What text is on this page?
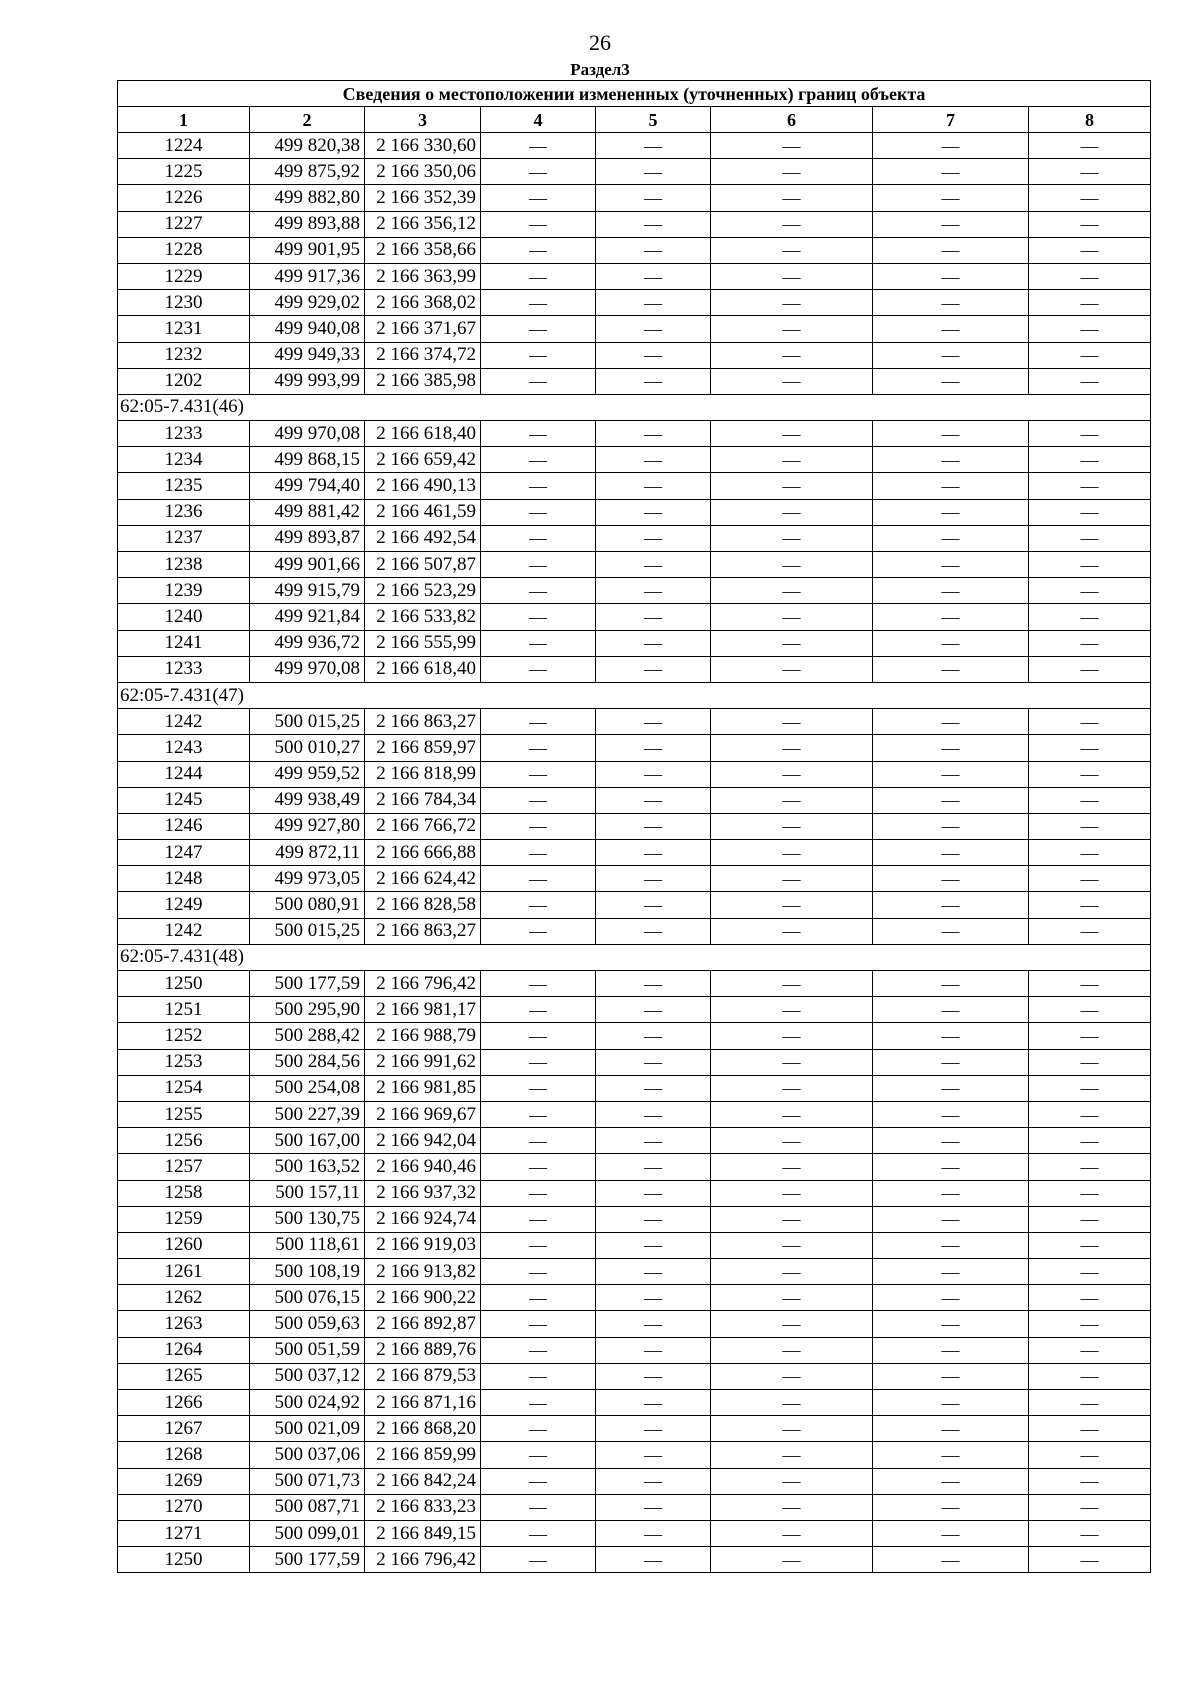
26
Раздел3
Сведения о местоположении измененных (уточненных) границ объекта							
1	2	3	4	5	6	7	8
1224	499 820,38	2 166 330,60	—	—	—	—	—
1225	499 875,92	2 166 350,06	—	—	—	—	—
1226	499 882,80	2 166 352,39	—	—	—	—	—
1227	499 893,88	2 166 356,12	—	—	—	—	—
1228	499 901,95	2 166 358,66	—	—	—	—	—
1229	499 917,36	2 166 363,99	—	—	—	—	—
1230	499 929,02	2 166 368,02	—	—	—	—	—
1231	499 940,08	2 166 371,67	—	—	—	—	—
1232	499 949,33	2 166 374,72	—	—	—	—	—
1202	499 993,99	2 166 385,98	—	—	—	—	—
62:05-7.431(46)							
1233	499 970,08	2 166 618,40	—	—	—	—	—
1234	499 868,15	2 166 659,42	—	—	—	—	—
1235	499 794,40	2 166 490,13	—	—	—	—	—
1236	499 881,42	2 166 461,59	—	—	—	—	—
1237	499 893,87	2 166 492,54	—	—	—	—	—
1238	499 901,66	2 166 507,87	—	—	—	—	—
1239	499 915,79	2 166 523,29	—	—	—	—	—
1240	499 921,84	2 166 533,82	—	—	—	—	—
1241	499 936,72	2 166 555,99	—	—	—	—	—
1233	499 970,08	2 166 618,40	—	—	—	—	—
62:05-7.431(47)							
1242	500 015,25	2 166 863,27	—	—	—	—	—
1243	500 010,27	2 166 859,97	—	—	—	—	—
1244	499 959,52	2 166 818,99	—	—	—	—	—
1245	499 938,49	2 166 784,34	—	—	—	—	—
1246	499 927,80	2 166 766,72	—	—	—	—	—
1247	499 872,11	2 166 666,88	—	—	—	—	—
1248	499 973,05	2 166 624,42	—	—	—	—	—
1249	500 080,91	2 166 828,58	—	—	—	—	—
1242	500 015,25	2 166 863,27	—	—	—	—	—
62:05-7.431(48)							
1250	500 177,59	2 166 796,42	—	—	—	—	—
1251	500 295,90	2 166 981,17	—	—	—	—	—
1252	500 288,42	2 166 988,79	—	—	—	—	—
1253	500 284,56	2 166 991,62	—	—	—	—	—
1254	500 254,08	2 166 981,85	—	—	—	—	—
1255	500 227,39	2 166 969,67	—	—	—	—	—
1256	500 167,00	2 166 942,04	—	—	—	—	—
1257	500 163,52	2 166 940,46	—	—	—	—	—
1258	500 157,11	2 166 937,32	—	—	—	—	—
1259	500 130,75	2 166 924,74	—	—	—	—	—
1260	500 118,61	2 166 919,03	—	—	—	—	—
1261	500 108,19	2 166 913,82	—	—	—	—	—
1262	500 076,15	2 166 900,22	—	—	—	—	—
1263	500 059,63	2 166 892,87	—	—	—	—	—
1264	500 051,59	2 166 889,76	—	—	—	—	—
1265	500 037,12	2 166 879,53	—	—	—	—	—
1266	500 024,92	2 166 871,16	—	—	—	—	—
1267	500 021,09	2 166 868,20	—	—	—	—	—
1268	500 037,06	2 166 859,99	—	—	—	—	—
1269	500 071,73	2 166 842,24	—	—	—	—	—
1270	500 087,71	2 166 833,23	—	—	—	—	—
1271	500 099,01	2 166 849,15	—	—	—	—	—
1250	500 177,59	2 166 796,42	—	—	—	—	—
